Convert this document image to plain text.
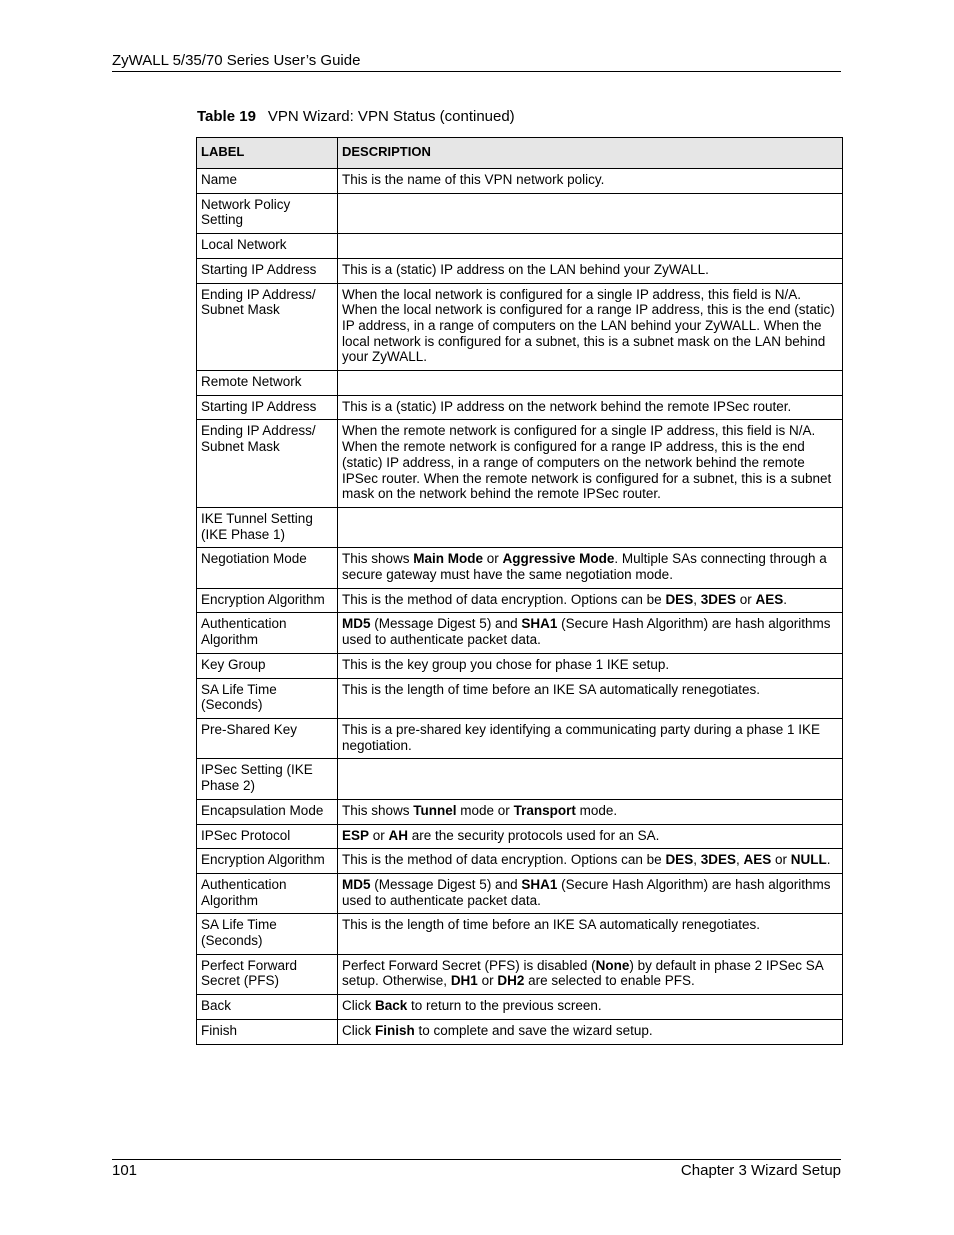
ZyWALL 5/35/70 Series User’s Guide
Table 19 VPN Wizard: VPN Status (continued)
LABEL	DESCRIPTION
Name	This is the name of this VPN network policy.
Network Policy Setting	
Local Network	
Starting IP Address	This is a (static) IP address on the LAN behind your ZyWALL.
Ending IP Address/ Subnet Mask	When the local network is configured for a single IP address, this field is N/A. When the local network is configured for a range IP address, this is the end (static) IP address, in a range of computers on the LAN behind your ZyWALL. When the local network is configured for a subnet, this is a subnet mask on the LAN behind your ZyWALL.
Remote Network	
Starting IP Address	This is a (static) IP address on the network behind the remote IPSec router.
Ending IP Address/ Subnet Mask	When the remote network is configured for a single IP address, this field is N/A. When the remote network is configured for a range IP address, this is the end (static) IP address, in a range of computers on the network behind the remote IPSec router. When the remote network is configured for a subnet, this is a subnet mask on the network behind the remote IPSec router.
IKE Tunnel Setting (IKE Phase 1)	
Negotiation Mode	This shows Main Mode or Aggressive Mode. Multiple SAs connecting through a secure gateway must have the same negotiation mode.
Encryption Algorithm	This is the method of data encryption. Options can be DES, 3DES or AES.
Authentication Algorithm	MD5 (Message Digest 5) and SHA1 (Secure Hash Algorithm) are hash algorithms used to authenticate packet data.
Key Group	This is the key group you chose for phase 1 IKE setup.
SA Life Time (Seconds)	This is the length of time before an IKE SA automatically renegotiates.
Pre-Shared Key	This is a pre-shared key identifying a communicating party during a phase 1 IKE negotiation.
IPSec Setting (IKE Phase 2)	
Encapsulation Mode	This shows Tunnel mode or Transport mode.
IPSec Protocol	ESP or AH are the security protocols used for an SA.
Encryption Algorithm	This is the method of data encryption. Options can be DES, 3DES, AES or NULL.
Authentication Algorithm	MD5 (Message Digest 5) and SHA1 (Secure Hash Algorithm) are hash algorithms used to authenticate packet data.
SA Life Time (Seconds)	This is the length of time before an IKE SA automatically renegotiates.
Perfect Forward Secret (PFS)	Perfect Forward Secret (PFS) is disabled (None) by default in phase 2 IPSec SA setup. Otherwise, DH1 or DH2 are selected to enable PFS.
Back	Click Back to return to the previous screen.
Finish	Click Finish to complete and save the wizard setup.
101	Chapter 3 Wizard Setup
